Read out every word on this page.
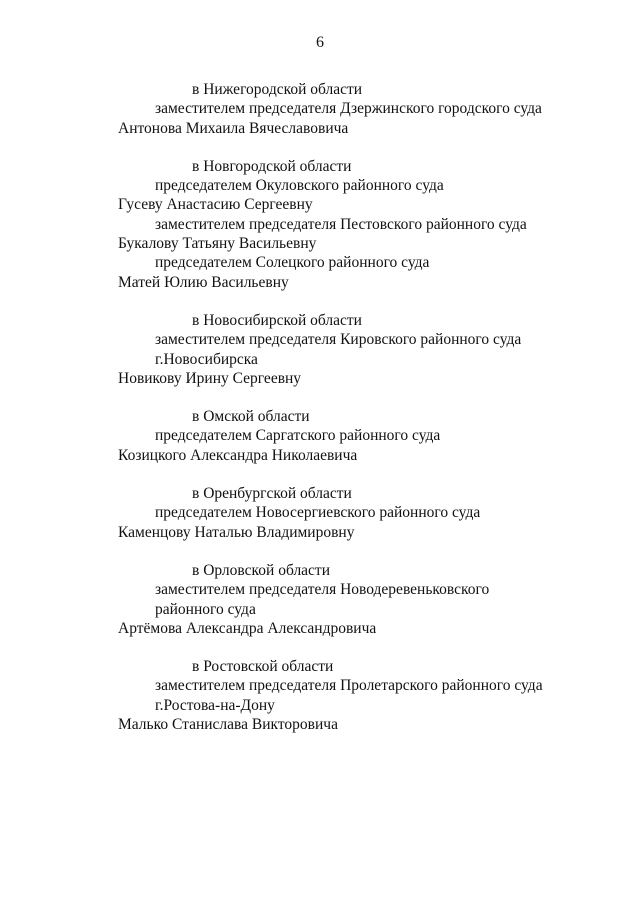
6
в Нижегородской области
заместителем председателя Дзержинского городского суда
Антонова Михаила Вячеславовича
в Новгородской области
председателем Окуловского районного суда
Гусеву Анастасию Сергеевну
заместителем председателя Пестовского районного суда
Букалову Татьяну Васильевну
председателем Солецкого районного суда
Матей Юлию Васильевну
в Новосибирской области
заместителем председателя Кировского районного суда
г.Новосибирска
Новикову Ирину Сергеевну
в Омской области
председателем Саргатского районного суда
Козицкого Александра Николаевича
в Оренбургской области
председателем Новосергиевского районного суда
Каменцову Наталью Владимировну
в Орловской области
заместителем председателя Новодеревеньковского
районного суда
Артёмова Александра Александровича
в Ростовской области
заместителем председателя Пролетарского районного суда
г.Ростова-на-Дону
Малько Станислава Викторовича
